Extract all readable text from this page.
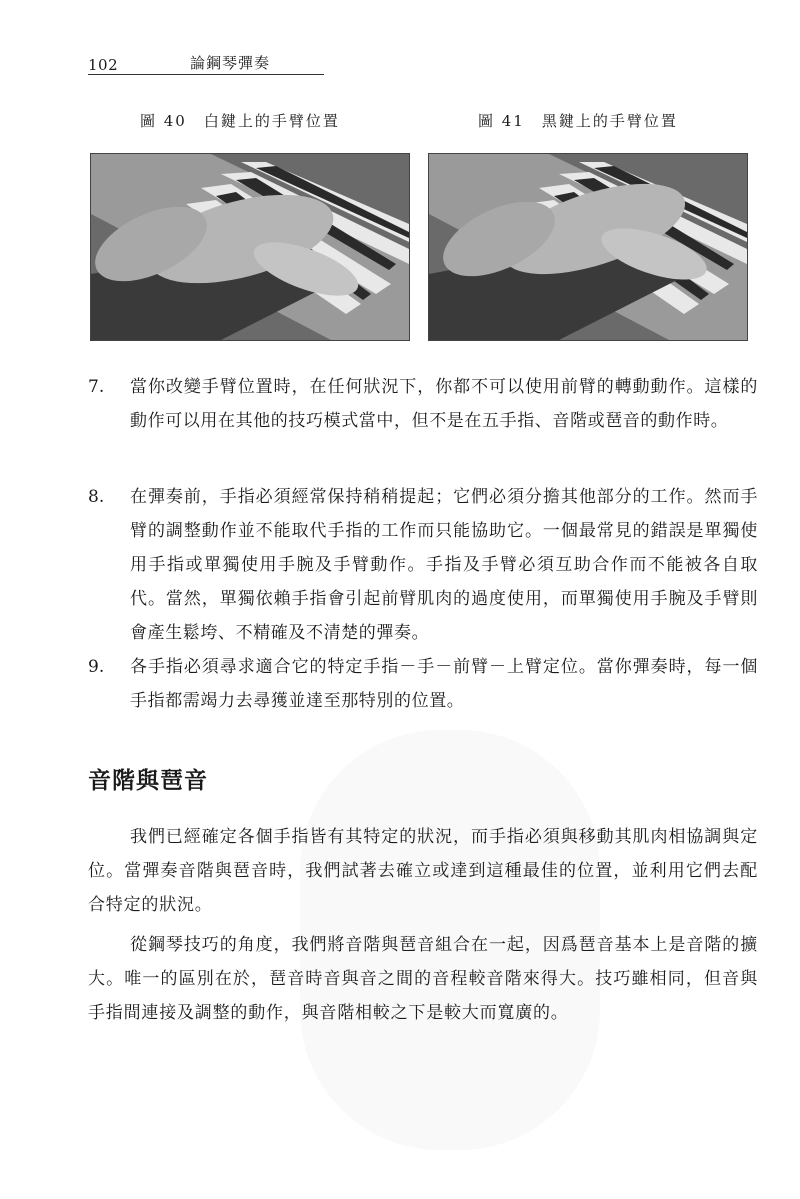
102	論鋼琴彈奏
圖 40　白鍵上的手臂位置	圖 41　黑鍵上的手臂位置
7.	當你改變手臂位置時，在任何狀況下，你都不可以使用前臂的轉動動作。這樣的動作可以用在其他的技巧模式當中，但不是在五手指、音階或琶音的動作時。
8.	在彈奏前，手指必須經常保持稍稍提起；它們必須分擔其他部分的工作。然而手臂的調整動作並不能取代手指的工作而只能協助它。一個最常見的錯誤是單獨使用手指或單獨使用手腕及手臂動作。手指及手臂必須互助合作而不能被各自取代。當然，單獨依賴手指會引起前臂肌肉的過度使用，而單獨使用手腕及手臂則會產生鬆垮、不精確及不清楚的彈奏。
9.	各手指必須尋求適合它的特定手指－手－前臂－上臂定位。當你彈奏時，每一個手指都需竭力去尋獲並達至那特別的位置。
音階與琶音
我們已經確定各個手指皆有其特定的狀況，而手指必須與移動其肌肉相協調與定位。當彈奏音階與琶音時，我們試著去確立或達到這種最佳的位置，並利用它們去配合特定的狀況。
從鋼琴技巧的角度，我們將音階與琶音組合在一起，因爲琶音基本上是音階的擴大。唯一的區別在於，琶音時音與音之間的音程較音階來得大。技巧雖相同，但音與手指間連接及調整的動作，與音階相較之下是較大而寬廣的。
